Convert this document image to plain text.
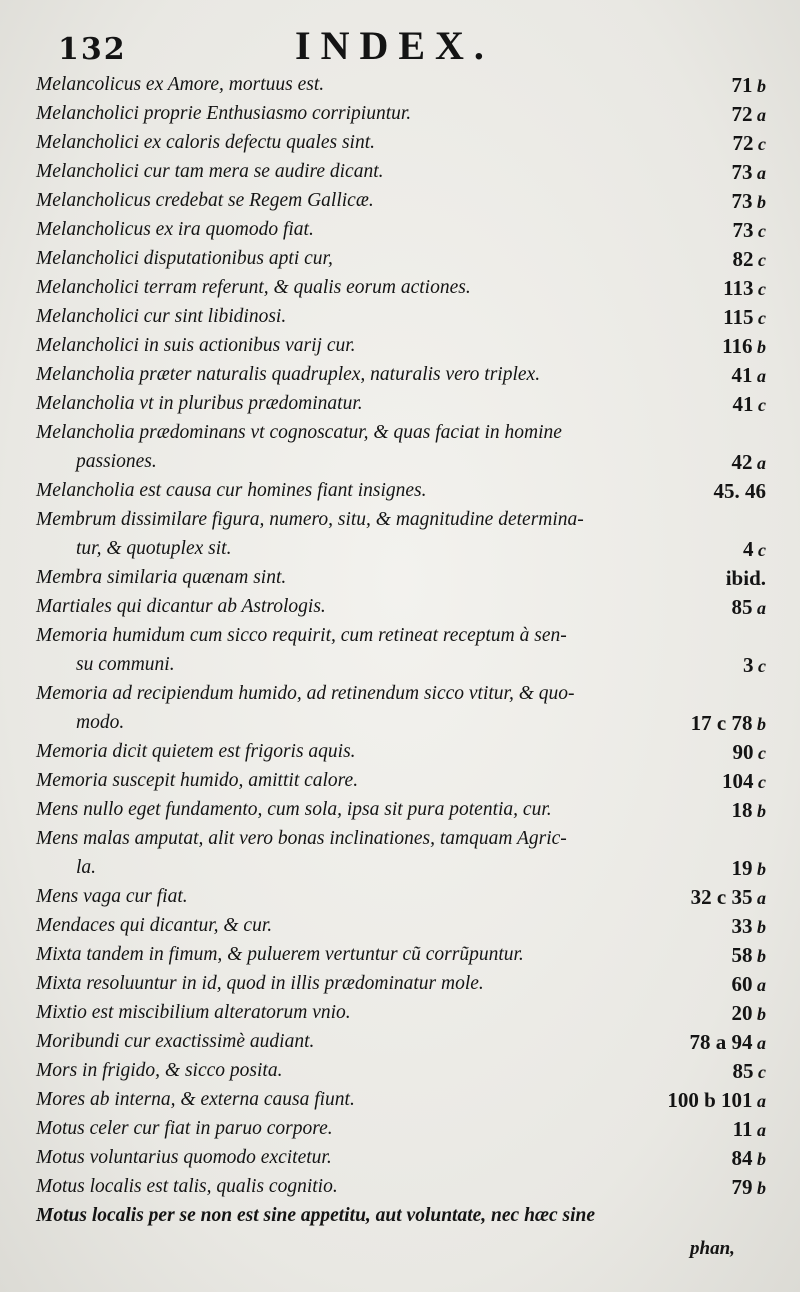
132	INDEX.
Melancolicus ex Amore, mortuus est.	71 b
Melancholici proprie Enthusiasmo corripiuntur.	72 a
Melancholici ex caloris defectu quales sint.	72 c
Melancholici cur tam mera se audire dicant.	73 a
Melancholicus credebat se Regem Gallicæ.	73 b
Melancholicus ex ira quomodo fiat.	73 c
Melancholici disputationibus apti cur,	82 c
Melancholici terram referunt, & qualis eorum actiones.	113 c
Melancholici cur sint libidinosi.	115 c
Melancholici in suis actionibus varij cur.	116 b
Melancholia præter naturalis quadruplex, naturalis vero triplex.	41 a
Melancholia vt in pluribus prædominatur.	41 c
Melancholia prædominans vt cognoscatur, & quas faciat in homine
passiones.	42 a
Melancholia est causa cur homines fiant insignes.	45. 46
Membrum dissimilare figura, numero, situ, & magnitudine determina-
tur, & quotuplex sit.	4 c
Membra similaria quænam sint.	ibid.
Martiales qui dicantur ab Astrologis.	85 a
Memoria humidum cum sicco requirit, cum retineat receptum à sen-
su communi.	3 c
Memoria ad recipiendum humido, ad retinendum sicco vtitur, & quo-
modo.	17 c 78 b
Memoria dicit quietem est frigoris aquis.	90 c
Memoria suscepit humido, amittit calore.	104 c
Mens nullo eget fundamento, cum sola, ipsa sit pura potentia, cur.	18 b
Mens malas amputat, alit vero bonas inclinationes, tamquam Agric-
la.	19 b
Mens vaga cur fiat.	32 c 35 a
Mendaces qui dicantur, & cur.	33 b
Mixta tandem in fimum, & puluerem vertuntur cũ corrũpuntur.	58 b
Mixta resoluuntur in id, quod in illis prædominatur mole.	60 a
Mixtio est miscibilium alteratorum vnio.	20 b
Moribundi cur exactissimè audiant.	78 a 94 a
Mors in frigido, & sicco posita.	85 c
Mores ab interna, & externa causa fiunt.	100 b 101 a
Motus celer cur fiat in paruo corpore.	11 a
Motus voluntarius quomodo excitetur.	84 b
Motus localis est talis, qualis cognitio.	79 b
Motus localis per se non est sine appetitu, aut voluntate, nec hæc sine
phan,
